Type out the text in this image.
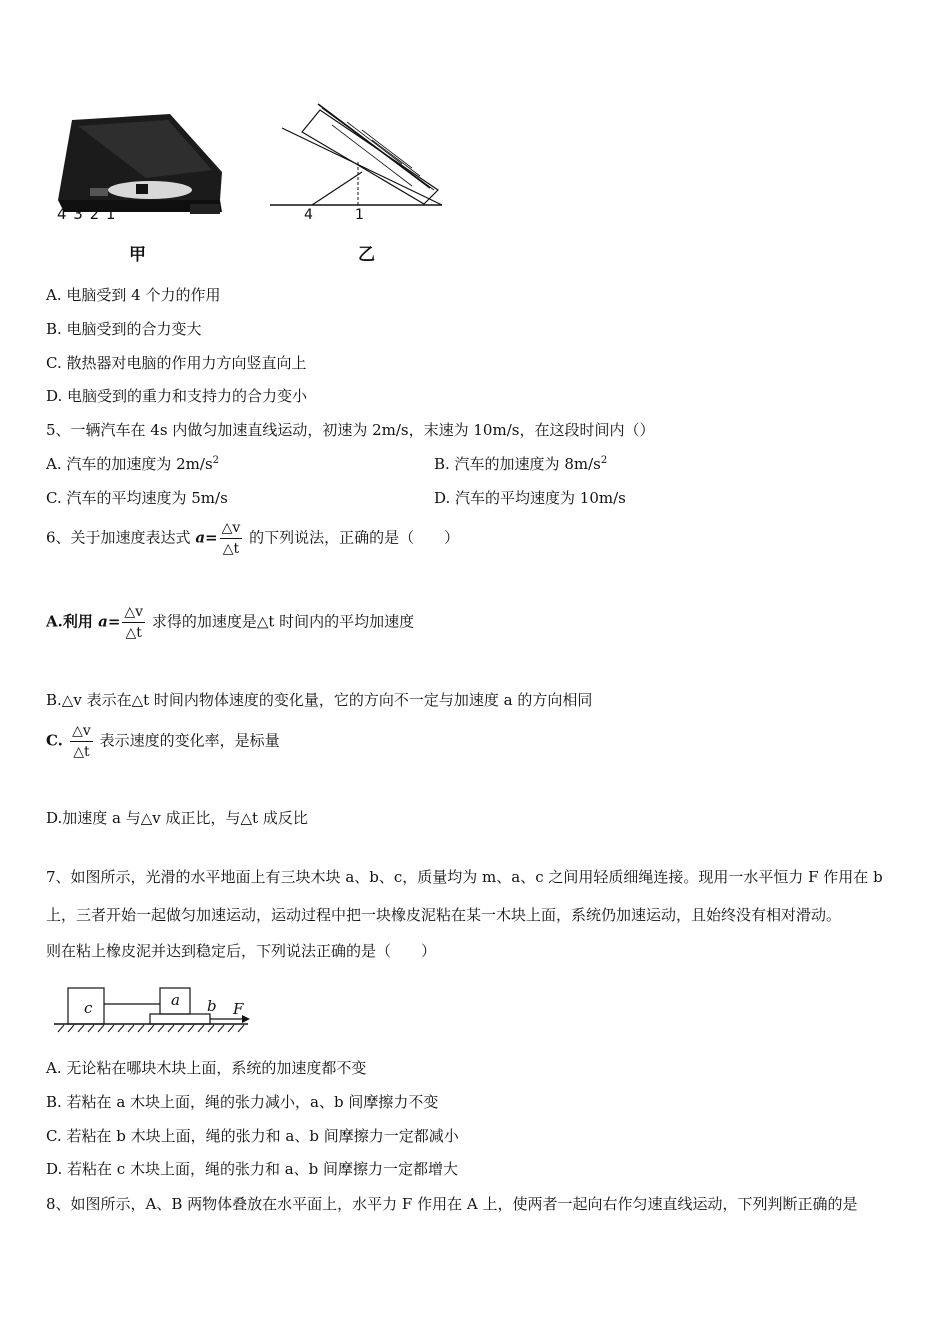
4 3 2 1
甲
4	1
乙
A. 电脑受到 4 个力的作用
B. 电脑受到的合力变大
C. 散热器对电脑的作用力方向竖直向上
D. 电脑受到的重力和支持力的合力变小
5、一辆汽车在 4s 内做匀加速直线运动，初速为 2m/s，末速为 10m/s，在这段时间内（）
A. 汽车的加速度为 $2m/s^2$	B. 汽车的加速度为 $8m/s^2$
C. 汽车的平均速度为 5m/s	D. 汽车的平均速度为 10m/s
6、关于加速度表达式 $a= \frac{\triangle v}{\triangle t}$ 的下列说法，正确的是（　　）
A.利用 $a= \frac{\triangle v}{\triangle t}$ 求得的加速度是△t 时间内的平均加速度
B.△v 表示在△t 时间内物体速度的变化量，它的方向不一定与加速度 a 的方向相同
C. $\frac{\triangle v}{\triangle t}$ 表示速度的变化率，是标量
D.加速度 a 与△v 成正比，与△t 成反比
7、如图所示，光滑的水平地面上有三块木块 a、b、c，质量均为 m、a、c 之间用轻质细绳连接。现用一水平恒力 F 作用在 b
上，三者开始一起做匀加速运动，运动过程中把一块橡皮泥粘在某一木块上面，系统仍加速运动，且始终没有相对滑动。
则在粘上橡皮泥并达到稳定后，下列说法正确的是（　　）
c	a b F
A. 无论粘在哪块木块上面，系统的加速度都不变
B. 若粘在 a 木块上面，绳的张力减小，a、b 间摩擦力不变
C. 若粘在 b 木块上面，绳的张力和 a、b 间摩擦力一定都减小
D. 若粘在 c 木块上面，绳的张力和 a、b 间摩擦力一定都增大
8、如图所示，A、B 两物体叠放在水平面上，水平力 F 作用在 A 上，使两者一起向右作匀速直线运动，下列判断正确的是
